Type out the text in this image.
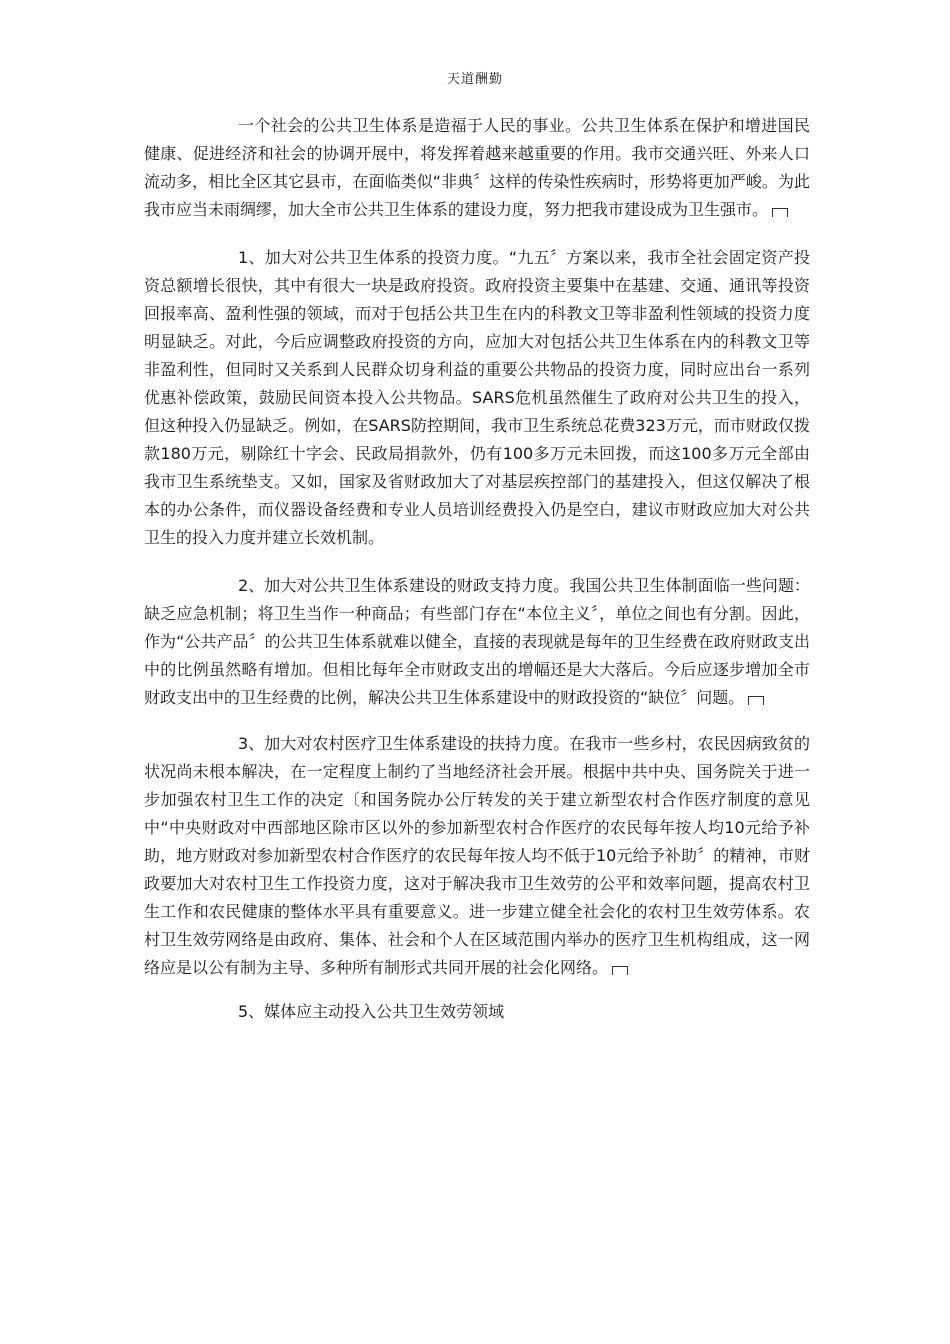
天道酬勤

一个社会的公共卫生体系是造福于人民的事业。公共卫生体系在保护和增进国民健康、促进经济和社会的协调开展中，将发挥着越来越重要的作用。我市交通兴旺、外来人口流动多，相比全区其它县市，在面临类似“非典〞这样的传染性疾病时，形势将更加严峻。为此我市应当未雨绸缪，加大全市公共卫生体系的建设力度，努力把我市建设成为卫生强市。

1、加大对公共卫生体系的投资力度。“九五〞方案以来，我市全社会固定资产投资总额增长很快，其中有很大一块是政府投资。政府投资主要集中在基建、交通、通讯等投资回报率高、盈利性强的领域，而对于包括公共卫生在内的科教文卫等非盈利性领域的投资力度明显缺乏。对此，今后应调整政府投资的方向，应加大对包括公共卫生体系在内的科教文卫等非盈利性，但同时又关系到人民群众切身利益的重要公共物品的投资力度，同时应出台一系列优惠补偿政策，鼓励民间资本投入公共物品。SARS危机虽然催生了政府对公共卫生的投入，但这种投入仍显缺乏。例如，在SARS防控期间，我市卫生系统总花费323万元，而市财政仅拨款180万元，剔除红十字会、民政局捐款外，仍有100多万元未回拨，而这100多万元全部由我市卫生系统垫支。又如，国家及省财政加大了对基层疾控部门的基建投入，但这仅解决了根本的办公条件，而仪器设备经费和专业人员培训经费投入仍是空白，建议市财政应加大对公共卫生的投入力度并建立长效机制。

2、加大对公共卫生体系建设的财政支持力度。我国公共卫生体制面临一些问题：缺乏应急机制；将卫生当作一种商品；有些部门存在“本位主义〞，单位之间也有分割。因此，作为“公共产品〞的公共卫生体系就难以健全，直接的表现就是每年的卫生经费在政府财政支出中的比例虽然略有增加。但相比每年全市财政支出的增幅还是大大落后。今后应逐步增加全市财政支出中的卫生经费的比例，解决公共卫生体系建设中的财政投资的“缺位〞问题。

3、加大对农村医疗卫生体系建设的扶持力度。在我市一些乡村，农民因病致贫的状况尚未根本解决，在一定程度上制约了当地经济社会开展。根据中共中央、国务院关于进一步加强农村卫生工作的决定〔和国务院办公厅转发的关于建立新型农村合作医疗制度的意见中“中央财政对中西部地区除市区以外的参加新型农村合作医疗的农民每年按人均10元给予补助，地方财政对参加新型农村合作医疗的农民每年按人均不低于10元给予补助〞的精神，市财政要加大对农村卫生工作投资力度，这对于解决我市卫生效劳的公平和效率问题，提高农村卫生工作和农民健康的整体水平具有重要意义。进一步建立健全社会化的农村卫生效劳体系。农村卫生效劳网络是由政府、集体、社会和个人在区域范围内举办的医疗卫生机构组成，这一网络应是以公有制为主导、多种所有制形式共同开展的社会化网络。

5、媒体应主动投入公共卫生效劳领域
